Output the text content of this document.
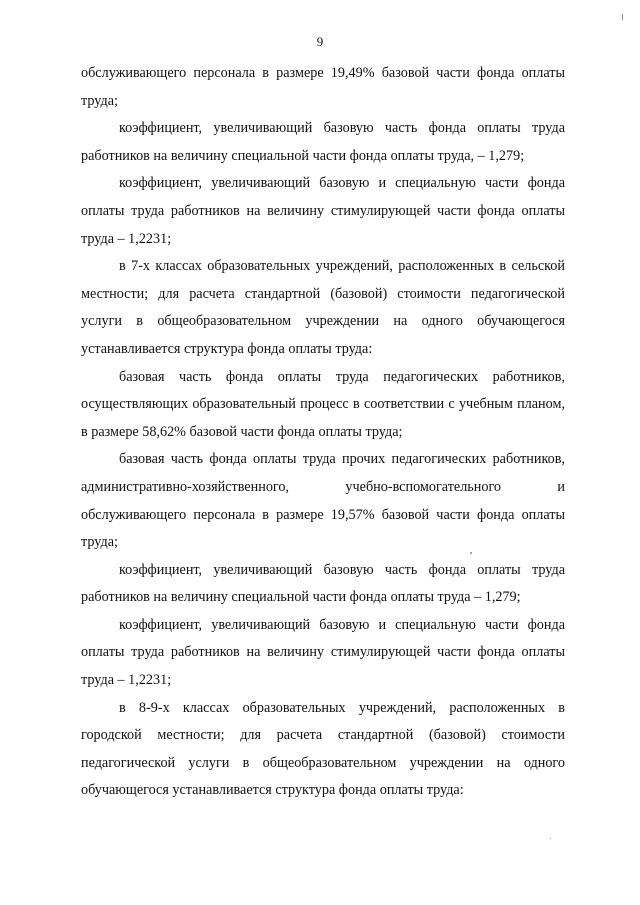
9

обслуживающего персонала в размере 19,49% базовой части фонда оплаты труда;

коэффициент, увеличивающий базовую часть фонда оплаты труда работников на величину специальной части фонда оплаты труда, – 1,279;

коэффициент, увеличивающий базовую и специальную части фонда оплаты труда работников на величину стимулирующей части фонда оплаты труда – 1,2231;

в 7-х классах образовательных учреждений, расположенных в сельской местности; для расчета стандартной (базовой) стоимости педагогической услуги в общеобразовательном учреждении на одного обучающегося устанавливается структура фонда оплаты труда:

базовая часть фонда оплаты труда педагогических работников, осуществляющих образовательный процесс в соответствии с учебным планом, в размере 58,62% базовой части фонда оплаты труда;

базовая часть фонда оплаты труда прочих педагогических работников, административно-хозяйственного, учебно-вспомогательного и обслуживающего персонала в размере 19,57% базовой части фонда оплаты труда;

коэффициент, увеличивающий базовую часть фонда оплаты труда работников на величину специальной части фонда оплаты труда – 1,279;

коэффициент, увеличивающий базовую и специальную части фонда оплаты труда работников на величину стимулирующей части фонда оплаты труда – 1,2231;

в 8-9-х классах образовательных учреждений, расположенных в городской местности; для расчета стандартной (базовой) стоимости педагогической услуги в общеобразовательном учреждении на одного обучающегося устанавливается структура фонда оплаты труда:
